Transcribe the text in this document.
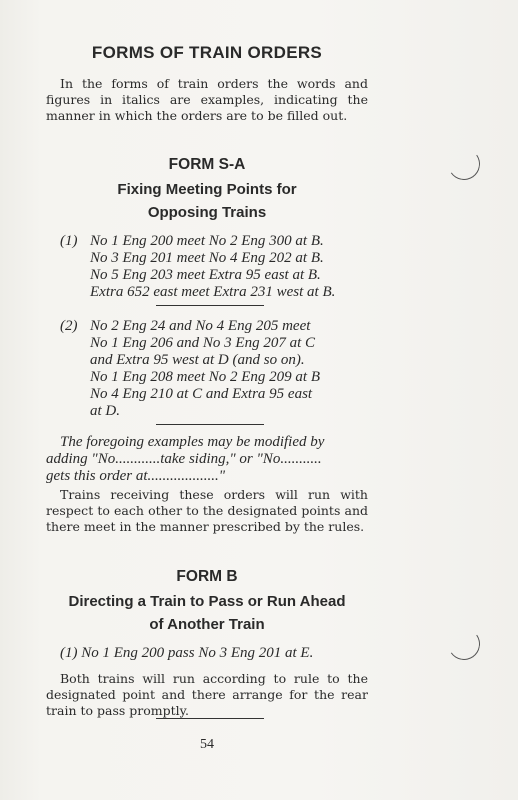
FORMS OF TRAIN ORDERS
In the forms of train orders the words and figures in italics are examples, indicating the manner in which the orders are to be filled out.
FORM S-A
Fixing Meeting Points for
Opposing Trains
(1) No 1 Eng 200 meet No 2 Eng 300 at B.
No 3 Eng 201 meet No 4 Eng 202 at B.
No 5 Eng 203 meet Extra 95 east at B.
Extra 652 east meet Extra 231 west at B.
(2) No 2 Eng 24 and No 4 Eng 205 meet
No 1 Eng 206 and No 3 Eng 207 at C
and Extra 95 west at D (and so on).
No 1 Eng 208 meet No 2 Eng 209 at B
No 4 Eng 210 at C and Extra 95 east
at D.
The foregoing examples may be modified by
adding "No............take siding," or "No...........
gets this order at..................."
Trains receiving these orders will run with respect to each other to the designated points and there meet in the manner prescribed by the rules.
FORM B
Directing a Train to Pass or Run Ahead
of Another Train
(1) No 1 Eng 200 pass No 3 Eng 201 at E.
Both trains will run according to rule to the designated point and there arrange for the rear train to pass promptly.
54
